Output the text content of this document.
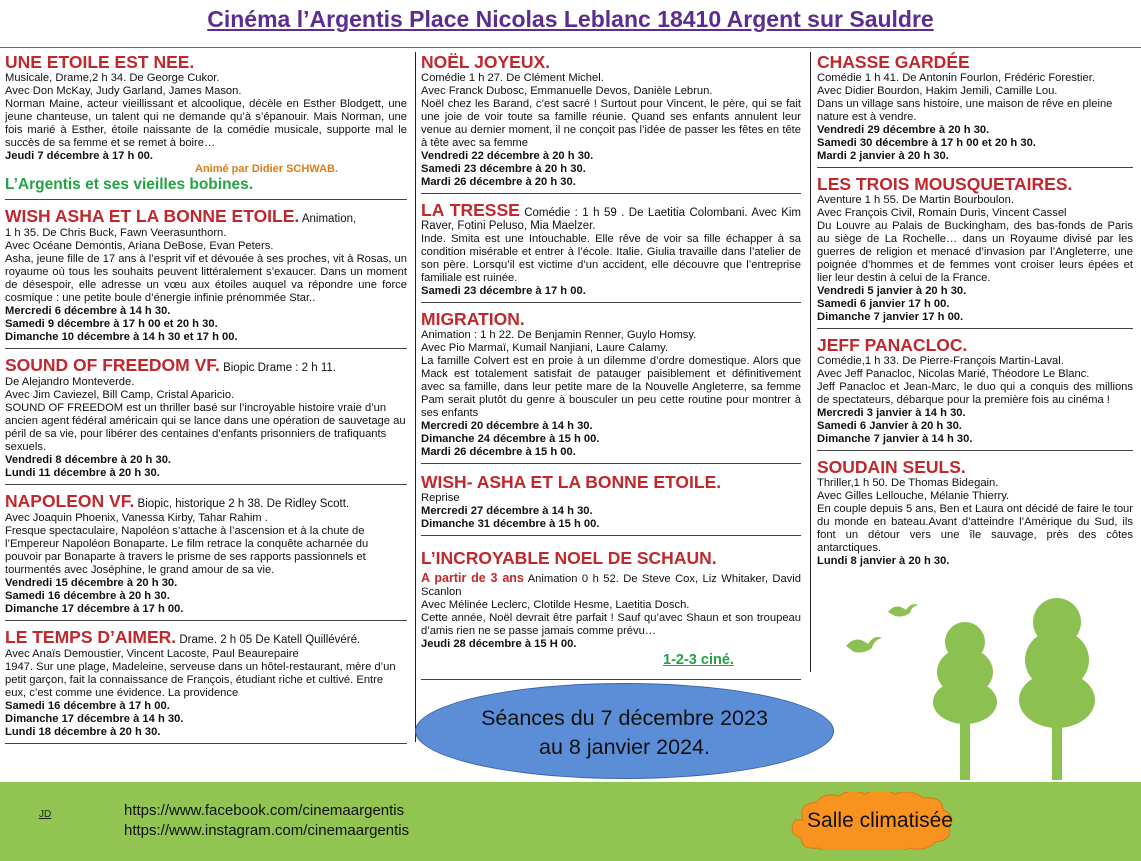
Cinéma l’Argentis Place Nicolas Leblanc 18410 Argent sur Sauldre
UNE ETOILE EST NEE.
Musicale, Drame,2 h 34. De George Cukor.
Avec Don McKay, Judy Garland, James Mason.
Norman Maine, acteur vieillissant et alcoolique, décèle en Esther Blodgett, une jeune chanteuse, un talent qui ne demande qu’à s’épanouir. Mais Norman, une fois marié à Esther, étoile naissante de la comédie musicale, supporte mal le succès de sa femme et se remet à boire…
Jeudi 7 décembre à 17 h 00.
Animé par Didier SCHWAB.
L’Argentis et ses vieilles bobines.
WISH ASHA ET LA BONNE ETOILE. Animation,
1 h 35. De Chris Buck, Fawn Veerasunthorn.
Avec Océane Demontis, Ariana DeBose, Evan Peters.
Asha, jeune fille de 17 ans à l’esprit vif et dévouée à ses proches, vit à Rosas, un royaume où tous les souhaits peuvent littéralement s’exaucer. Dans un moment de désespoir, elle adresse un vœu aux étoiles auquel va répondre une force cosmique : une petite boule d’énergie infinie prénommée Star..
Mercredi 6 décembre à 14 h 30.
Samedi 9 décembre à 17 h 00 et 20 h 30.
Dimanche 10 décembre à 14 h 30 et 17 h 00.
SOUND OF FREEDOM VF. Biopic Drame : 2 h 11.
De Alejandro Monteverde.
Avec Jim Caviezel, Bill Camp, Cristal Aparicio.
SOUND OF FREEDOM est un thriller basé sur l’incroyable histoire vraie d’un ancien agent fédéral américain qui se lance dans une opération de sauvetage au péril de sa vie, pour libérer des centaines d’enfants prisonniers de trafiquants sexuels.
Vendredi 8 décembre à 20 h 30.
Lundi 11 décembre à 20 h 30.
NAPOLEON VF. Biopic, historique 2 h 38. De Ridley Scott.
Avec Joaquin Phoenix, Vanessa Kirby, Tahar Rahim .
Fresque spectaculaire, Napoléon s’attache à l’ascension et à la chute de l’Empereur Napoléon Bonaparte. Le film retrace la conquête acharnée du pouvoir par Bonaparte à travers le prisme de ses rapports passionnels et tourmentés avec Joséphine, le grand amour de sa vie.
Vendredi 15 décembre à 20 h 30.
Samedi 16 décembre à 20 h 30.
Dimanche 17 décembre à 17 h 00.
LE TEMPS D’AIMER. Drame. 2 h 05 De Katell Quillévéré.
Avec Anaïs Demoustier, Vincent Lacoste, Paul Beaurepaire
1947. Sur une plage, Madeleine, serveuse dans un hôtel-restaurant, mère d’un petit garçon, fait la connaissance de François, étudiant riche et cultivé. Entre eux, c’est comme une évidence. La providence
Samedi 16 décembre à 17 h 00.
Dimanche 17 décembre à 14 h 30.
Lundi 18 décembre à 20 h 30.
NOËL JOYEUX.
Comédie 1 h 27. De Clément Michel.
Avec Franck Dubosc, Emmanuelle Devos, Danièle Lebrun.
Noël chez les Barand, c’est sacré ! Surtout pour Vincent, le père, qui se fait une joie de voir toute sa famille réunie. Quand ses enfants annulent leur venue au dernier moment, il ne conçoit pas l’idée de passer les fêtes en tête à tête avec sa femme
Vendredi 22 décembre à 20 h 30.
Samedi 23 décembre à 20 h 30.
Mardi 26 décembre à 20 h 30.
LA TRESSE Comédie : 1 h 59 . De Laetitia Colombani. Avec Kim Raver, Fotini Peluso, Mia Maelzer.
Inde. Smita est une Intouchable. Elle rêve de voir sa fille échapper à sa condition misérable et entrer à l’école. Italie. Giulia travaille dans l’atelier de son père. Lorsqu’il est victime d’un accident, elle découvre que l’entreprise familiale est ruinée.
Samedi 23 décembre à 17 h 00.
MIGRATION.
Animation : 1 h 22. De Benjamin Renner, Guylo Homsy.
Avec Pio Marmaï, Kumail Nanjiani, Laure Calamy.
La famille Colvert est en proie à un dilemme d’ordre domestique. Alors que Mack est totalement satisfait de patauger paisiblement et définitivement avec sa famille, dans leur petite mare de la Nouvelle Angleterre, sa femme Pam serait plutôt du genre à bousculer un peu cette routine pour montrer à ses enfants
Mercredi 20 décembre à 14 h 30.
Dimanche 24 décembre à 15 h 00.
Mardi 26 décembre à 15 h 00.
WISH- ASHA ET LA BONNE ETOILE.
Reprise
Mercredi 27 décembre à 14 h 30.
Dimanche 31 décembre à 15 h 00.
L’INCROYABLE NOEL DE SCHAUN.
A partir de 3 ans Animation 0 h 52. De Steve Cox, Liz Whitaker, David Scanlon
Avec Mélinée Leclerc, Clotilde Hesme, Laetitia Dosch.
Cette année, Noël devrait être parfait ! Sauf qu’avec Shaun et son troupeau d’amis rien ne se passe jamais comme prévu…
Jeudi 28 décembre à 15 H 00.
1-2-3 ciné.
CHASSE GARDÉE
Comédie 1 h 41. De Antonin Fourlon, Frédéric Forestier.
Avec Didier Bourdon, Hakim Jemili, Camille Lou.
Dans un village sans histoire, une maison de rêve en pleine nature est à vendre.
Vendredi 29 décembre à 20 h 30.
Samedi 30 décembre à 17 h 00 et 20 h 30.
Mardi 2 janvier à 20 h 30.
LES TROIS MOUSQUETAIRES.
Aventure 1 h 55. De Martin Bourboulon.
Avec François Civil, Romain Duris, Vincent Cassel
Du Louvre au Palais de Buckingham, des bas-fonds de Paris au siège de La Rochelle… dans un Royaume divisé par les guerres de religion et menacé d’invasion par l’Angleterre, une poignée d’hommes et de femmes vont croiser leurs épées et lier leur destin à celui de la France.
Vendredi 5 janvier à 20 h 30.
Samedi 6 janvier 17 h 00.
Dimanche 7 janvier 17 h 00.
JEFF PANACLOC.
Comédie,1 h 33. De Pierre-François Martin-Laval.
Avec Jeff Panacloc, Nicolas Marié, Théodore Le Blanc.
Jeff Panacloc et Jean-Marc, le duo qui a conquis des millions de spectateurs, débarque pour la première fois au cinéma !
Mercredi 3 janvier à 14 h 30.
Samedi 6 Janvier à 20 h 30.
Dimanche 7 janvier à 14 h 30.
SOUDAIN SEULS.
Thriller,1 h 50. De Thomas Bidegain.
Avec Gilles Lellouche, Mélanie Thierry.
En couple depuis 5 ans, Ben et Laura ont décidé de faire le tour du monde en bateau.Avant d’atteindre l’Amérique du Sud, ils font un détour vers une île sauvage, près des côtes antarctiques.
Lundi 8 janvier à 20 h 30.
Séances du 7 décembre 2023
au 8 janvier 2024.
JD	https://www.facebook.com/cinemaargentis
https://www.instagram.com/cinemaargentis	Salle climatisée
